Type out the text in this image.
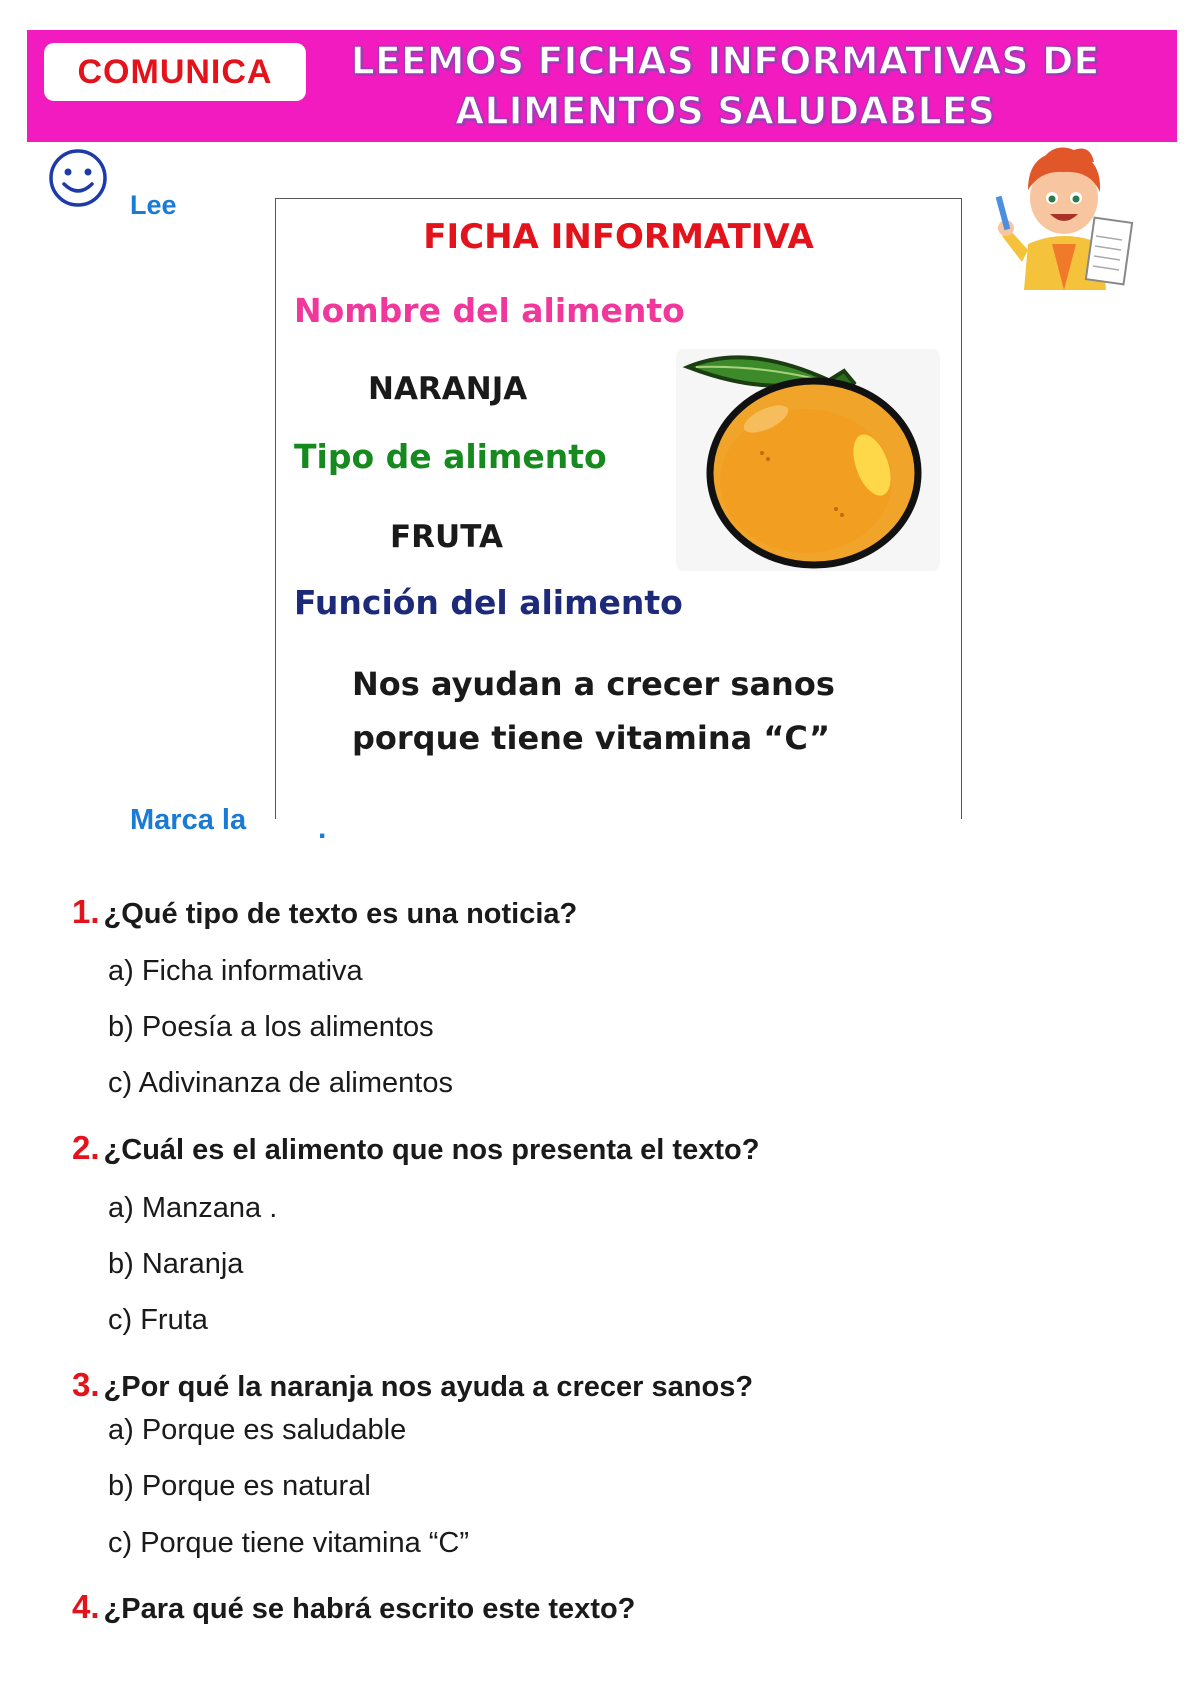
COMUNICA	LEEMOS FICHAS INFORMATIVAS DE
ALIMENTOS SALUDABLES
Lee
FICHA INFORMATIVA
Nombre del alimento
NARANJA
Tipo de alimento
FRUTA
Función del alimento
Nos ayudan a crecer sanos
porque tiene vitamina “C”
Marca la .
1. ¿Qué tipo de texto es una noticia?
a) Ficha informativa
b) Poesía a los alimentos
c) Adivinanza de alimentos
2. ¿Cuál es el alimento que nos presenta el texto?
a) Manzana .
b) Naranja
c) Fruta
3. ¿Por qué la naranja nos ayuda a crecer sanos?
a) Porque es saludable
b) Porque es natural
c) Porque tiene vitamina “C”
4. ¿Para qué se habrá escrito este texto?
